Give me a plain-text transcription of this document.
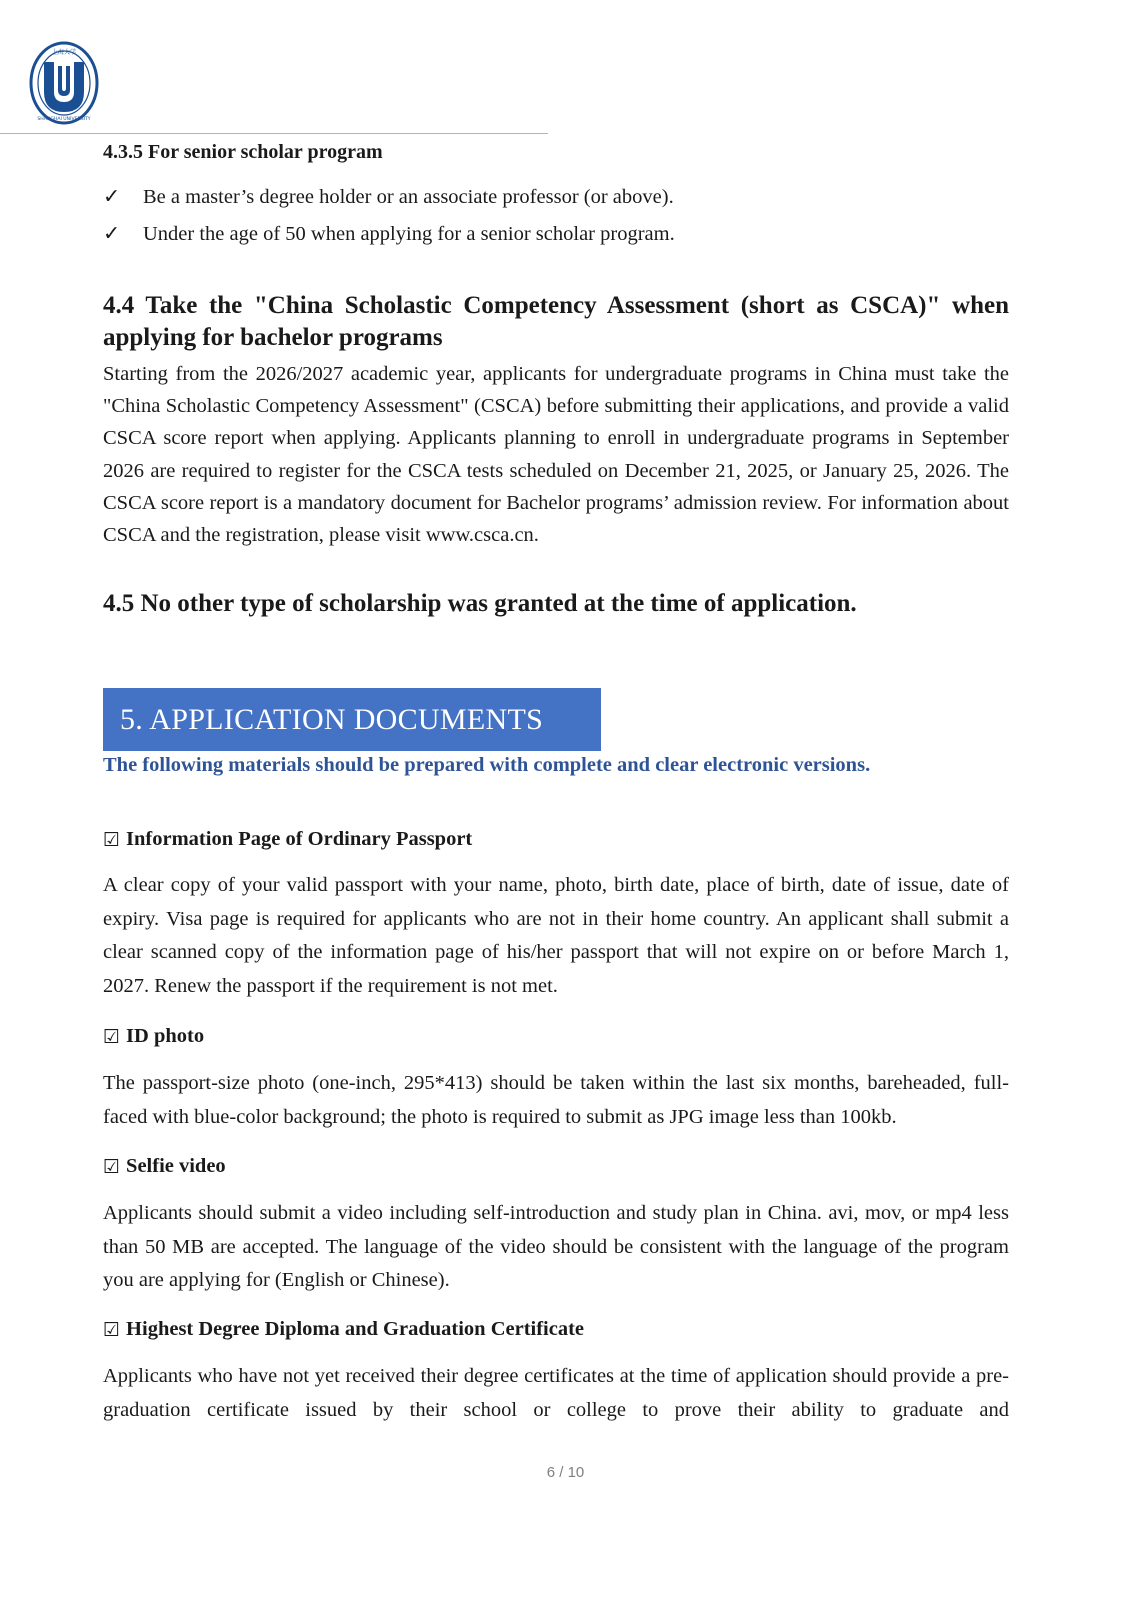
上海大学
SHANGHAI UNIVERSITY
4.3.5 For senior scholar program
✓	Be a master’s degree holder or an associate professor (or above).
✓	Under the age of 50 when applying for a senior scholar program.
4.4 Take the "China Scholastic Competency Assessment (short as CSCA)" when applying for bachelor programs

Starting from the 2026/2027 academic year, applicants for undergraduate programs in China must take the "China Scholastic Competency Assessment" (CSCA) before submitting their applications, and provide a valid CSCA score report when applying. Applicants planning to enroll in undergraduate programs in September 2026 are required to register for the CSCA tests scheduled on December 21, 2025, or January 25, 2026. The CSCA score report is a mandatory document for Bachelor programs’ admission review. For information about CSCA and the registration, please visit www.csca.cn.

4.5 No other type of scholarship was granted at the time of application.
5. APPLICATION DOCUMENTS

The following materials should be prepared with complete and clear electronic versions.

☑ Information Page of Ordinary Passport

A clear copy of your valid passport with your name, photo, birth date, place of birth, date of issue, date of expiry. Visa page is required for applicants who are not in their home country. An applicant shall submit a clear scanned copy of the information page of his/her passport that will not expire on or before March 1, 2027. Renew the passport if the requirement is not met.

☑ ID photo

The passport-size photo (one-inch, 295*413) should be taken within the last six months, bareheaded, full-faced with blue-color background; the photo is required to submit as JPG image less than 100kb.

☑ Selfie video

Applicants should submit a video including self-introduction and study plan in China. avi, mov, or mp4 less than 50 MB are accepted. The language of the video should be consistent with the language of the program you are applying for (English or Chinese).

☑ Highest Degree Diploma and Graduation Certificate

Applicants who have not yet received their degree certificates at the time of application should provide a pre-graduation certificate issued by their school or college to prove their ability to graduate and

6 / 10
